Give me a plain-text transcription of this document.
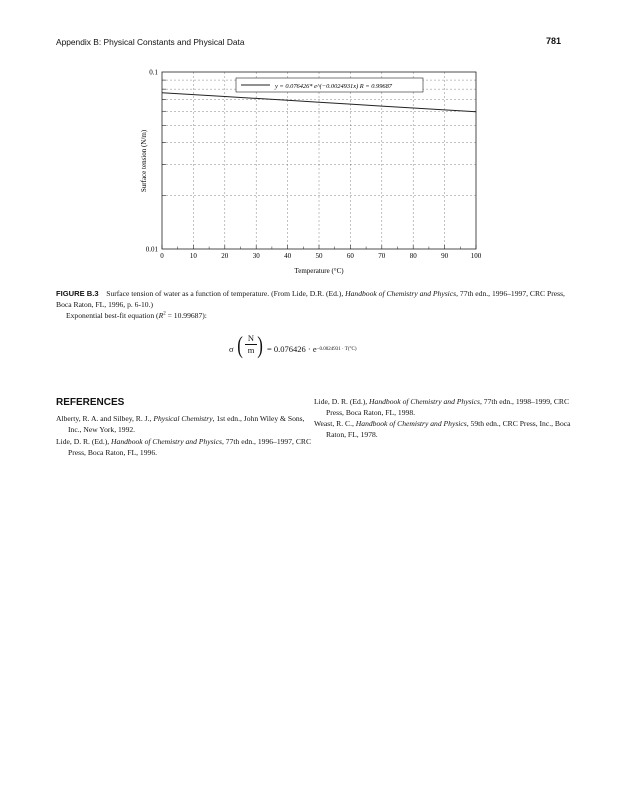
Appendix B: Physical Constants and Physical Data	781
0.1
0.01
0	10	20	30	40	50	60	70	80	90	100
y = 0.076426* e^(−0.0024931x) R = 0.99687
Temperature (°C)
Surface tension (N/m)
FIGURE B.3 Surface tension of water as a function of temperature. (From Lide, D.R. (Ed.), Handbook of Chemistry and Physics, 77th edn., 1996–1997, CRC Press, Boca Raton, FL, 1996, p. 6-10.)
Exponential best-fit equation $(R^2 = 10.99687)$:
σ ( N
m ) = $0.076426 \cdot e^{-0.0024931 \cdot T(^\circ C)}$
REFERENCES
Alberty, R. A. and Silbey, R. J., Physical Chemistry, 1st edn., John Wiley & Sons, Inc., New York, 1992.
Lide, D. R. (Ed.), Handbook of Chemistry and Physics, 77th edn., 1996–1997, CRC Press, Boca Raton, FL, 1996.
Lide, D. R. (Ed.), Handbook of Chemistry and Physics, 77th edn., 1998–1999, CRC Press, Boca Raton, FL, 1998.
Weast, R. C., Handbook of Chemistry and Physics, 59th edn., CRC Press, Inc., Boca Raton, FL, 1978.
